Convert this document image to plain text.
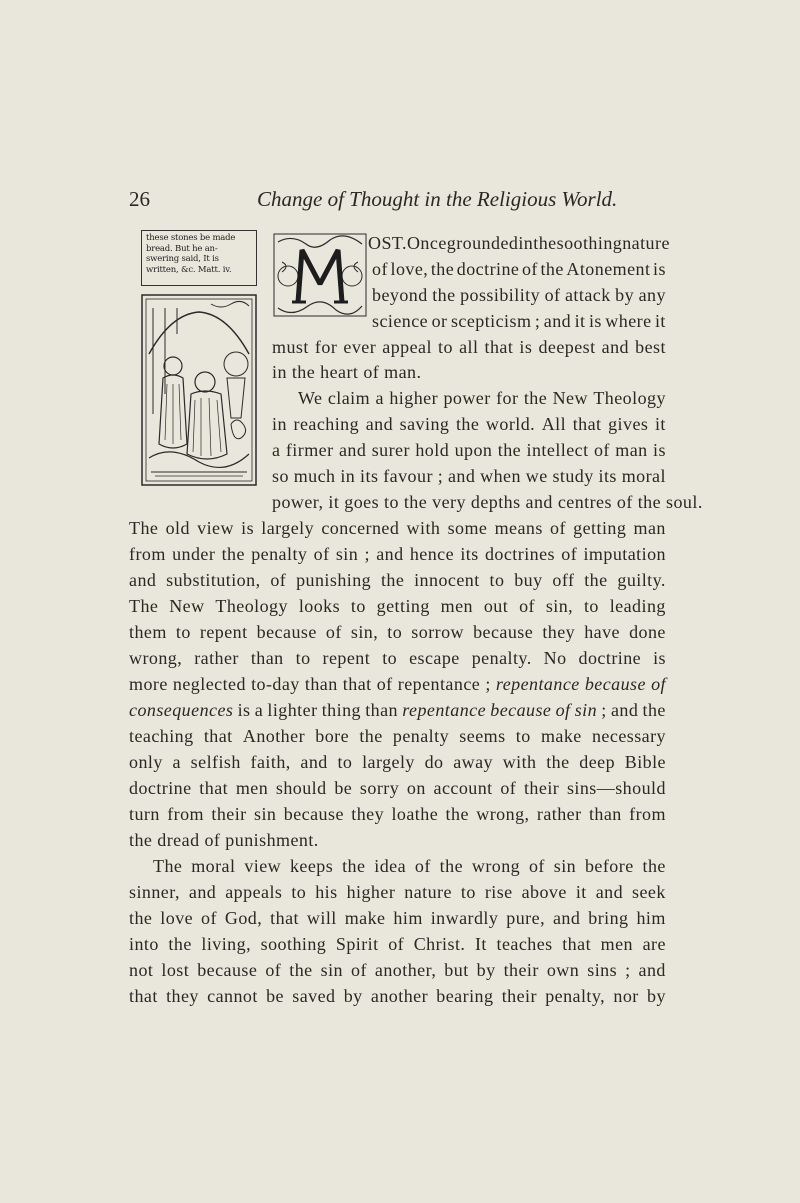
26	Change of Thought in the Religious World.
these stones be made
bread. But he an-
swering said, It is
written, &c. Matt. iv.
OST. Once grounded in the soothing nature
of love, the doctrine of the Atonement is
beyond the possibility of attack by any
science or scepticism ; and it is where it
must for ever appeal to all that is deepest and best
in the heart of man.
We claim a higher power for the New Theology
in reaching and saving the world. All that gives it
a firmer and surer hold upon the intellect of man is
so much in its favour ; and when we study its moral
power, it goes to the very depths and centres of the soul.
The old view is largely concerned with some means of getting man
from under the penalty of sin ; and hence its doctrines of imputation
and substitution, of punishing the innocent to buy off the guilty.
The New Theology looks to getting men out of sin, to leading
them to repent because of sin, to sorrow because they have done
wrong, rather than to repent to escape penalty. No doctrine is
more neglected to-day than that of repentance ; repentance because of
consequences is a lighter thing than repentance because of sin ; and the
teaching that Another bore the penalty seems to make necessary
only a selfish faith, and to largely do away with the deep Bible
doctrine that men should be sorry on account of their sins—should
turn from their sin because they loathe the wrong, rather than from
the dread of punishment.
The moral view keeps the idea of the wrong of sin before the
sinner, and appeals to his higher nature to rise above it and seek
the love of God, that will make him inwardly pure, and bring him
into the living, soothing Spirit of Christ. It teaches that men are
not lost because of the sin of another, but by their own sins ; and
that they cannot be saved by another bearing their penalty, nor by
